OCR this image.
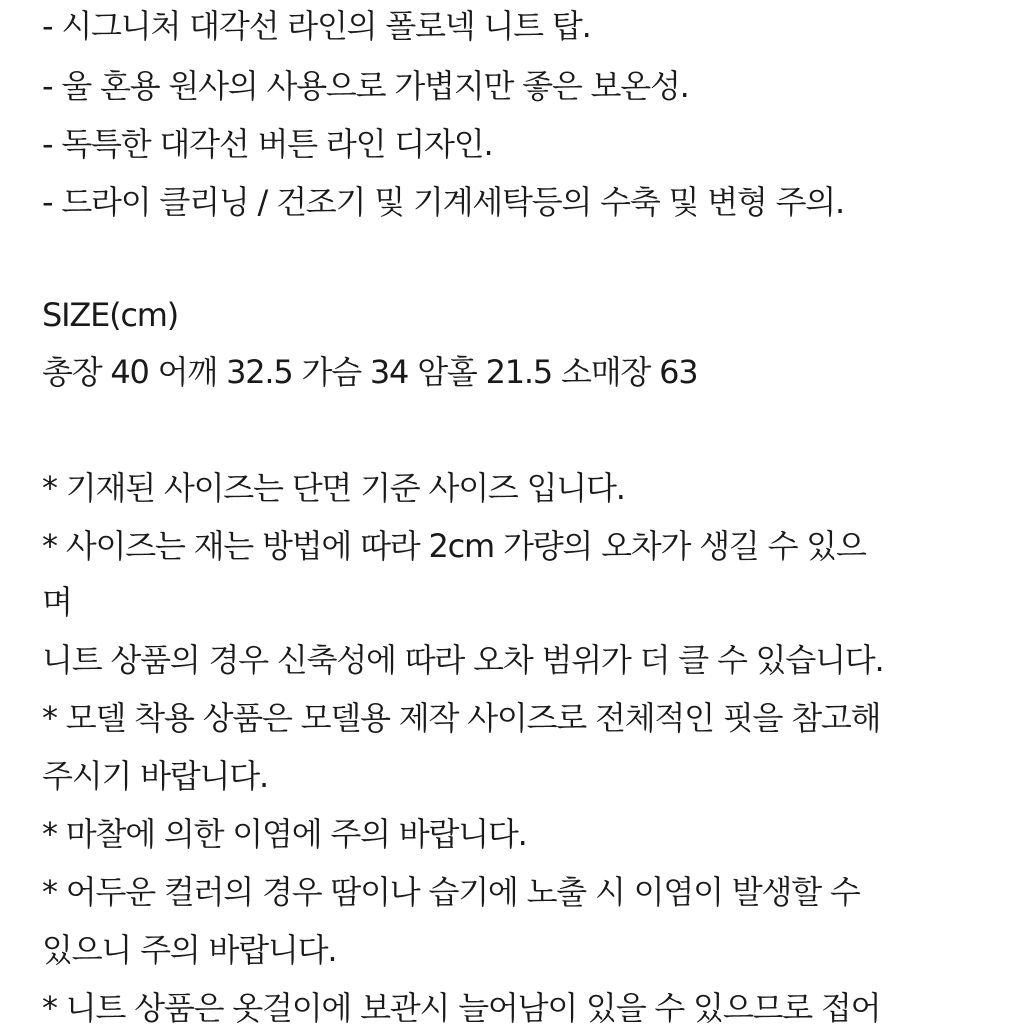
- 시그니처 대각선 라인의 폴로넥 니트 탑.
- 울 혼용 원사의 사용으로 가볍지만 좋은 보온성.
- 독특한 대각선 버튼 라인 디자인.
- 드라이 클리닝 / 건조기 및 기계세탁등의 수축 및 변형 주의.
SIZE(cm)
총장 40 어깨 32.5 가슴 34 암홀 21.5 소매장 63
* 기재된 사이즈는 단면 기준 사이즈 입니다.
* 사이즈는 재는 방법에 따라 2cm 가량의 오차가 생길 수 있으
며
니트 상품의 경우 신축성에 따라 오차 범위가 더 클 수 있습니다.
* 모델 착용 상품은 모델용 제작 사이즈로 전체적인 핏을 참고해
주시기 바랍니다.
* 마찰에 의한 이염에 주의 바랍니다.
* 어두운 컬러의 경우 땀이나 습기에 노출 시 이염이 발생할 수
있으니 주의 바랍니다.
* 니트 상품은 옷걸이에 보관시 늘어남이 있을 수 있으므로 접어
